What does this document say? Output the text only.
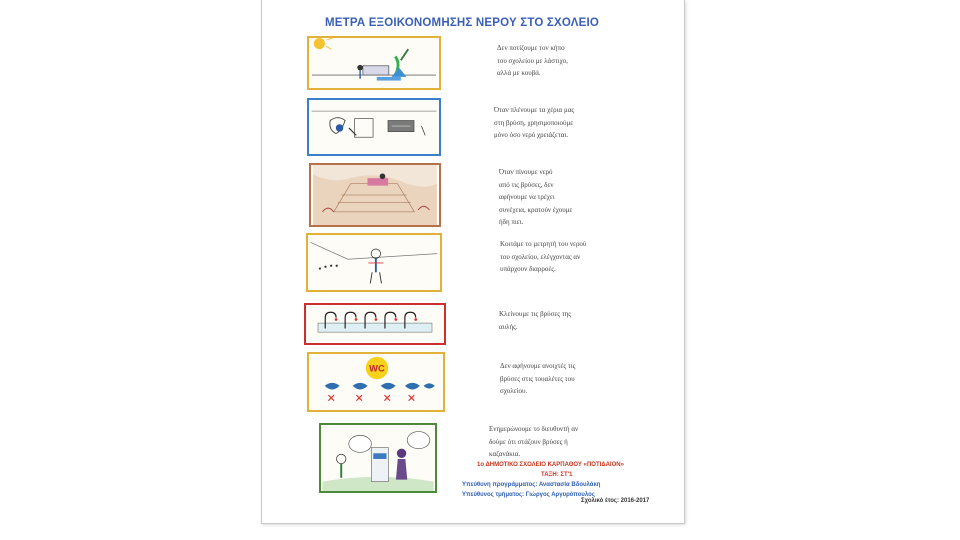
ΜΕΤΡΑ ΕΞΟΙΚΟΝΟΜΗΣΗΣ ΝΕΡΟΥ ΣΤΟ ΣΧΟΛΕΙΟ
Δεν ποτίζουμε τον κήπο
του σχολείου με λάστιχο,
αλλά με κουβά.
Όταν πλένουμε τα χέρια μας
στη βρύση, χρησιμοποιούμε
μόνο όσο νερό χρειάζεται.
Όταν πίνουμε νερό
από τις βρύσες, δεν
αφήνουμε να τρέχει
συνέχεια, κρατούν έχουμε
ήδη πιει.
Κοιτάμε το μετρητή του νερού
του σχολείου, ελέγχοντας αν
υπάρχουν διαρροές.
Κλείνουμε τις βρύσες της
αυλής.
WC	Δεν αφήνουμε ανοιχτές τις
βρύσες στις τουαλέτες του
σχολείου.
Ενημερώνουμε το διευθυντή αν
δούμε ότι στάζουν βρύσες ή
καζανάκια.
1ο ΔΗΜΟΤΙΚΟ ΣΧΟΛΕΙΟ ΚΑΡΠΑΘΟΥ «ΠΟΤΙΔΑΙΟΝ»
ΤΑΞΗ: ΣΤ'1
Υπεύθυνη προγράμματος: Αναστασία Βδουλάκη
Υπεύθυνος τμήματος: Γιώργος Αργυρόπουλος
Σχολικό έτος: 2016-2017
